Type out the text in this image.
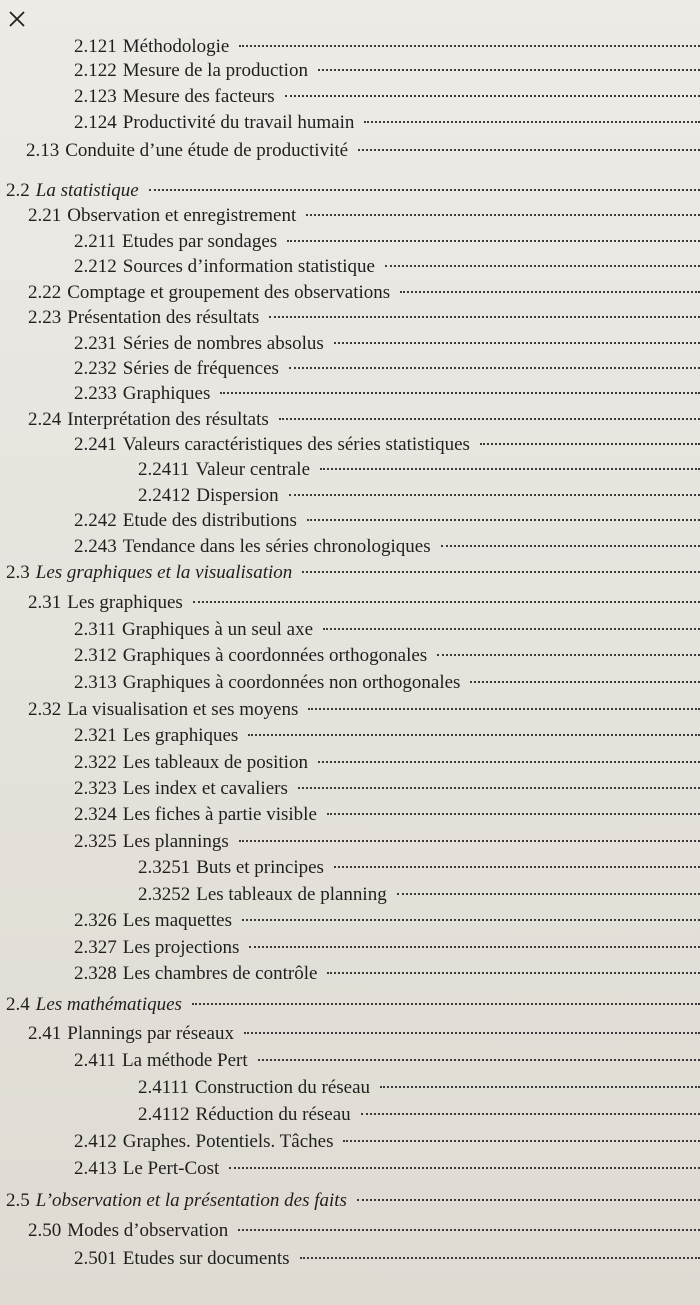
2.121 Méthodologie
2.122 Mesure de la production
2.123 Mesure des facteurs
2.124 Productivité du travail humain
2.13 Conduite d’une étude de productivité
2.2 La statistique
2.21 Observation et enregistrement
2.211 Etudes par sondages
2.212 Sources d’information statistique
2.22 Comptage et groupement des observations
2.23 Présentation des résultats
2.231 Séries de nombres absolus
2.232 Séries de fréquences
2.233 Graphiques
2.24 Interprétation des résultats
2.241 Valeurs caractéristiques des séries statistiques
2.2411 Valeur centrale
2.2412 Dispersion
2.242 Etude des distributions
2.243 Tendance dans les séries chronologiques
2.3 Les graphiques et la visualisation
2.31 Les graphiques
2.311 Graphiques à un seul axe
2.312 Graphiques à coordonnées orthogonales
2.313 Graphiques à coordonnées non orthogonales
2.32 La visualisation et ses moyens
2.321 Les graphiques
2.322 Les tableaux de position
2.323 Les index et cavaliers
2.324 Les fiches à partie visible
2.325 Les plannings
2.3251 Buts et principes
2.3252 Les tableaux de planning
2.326 Les maquettes
2.327 Les projections
2.328 Les chambres de contrôle
2.4 Les mathématiques
2.41 Plannings par réseaux
2.411 La méthode Pert
2.4111 Construction du réseau
2.4112 Réduction du réseau
2.412 Graphes. Potentiels. Tâches
2.413 Le Pert-Cost
2.5 L’observation et la présentation des faits
2.50 Modes d’observation
2.501 Etudes sur documents
